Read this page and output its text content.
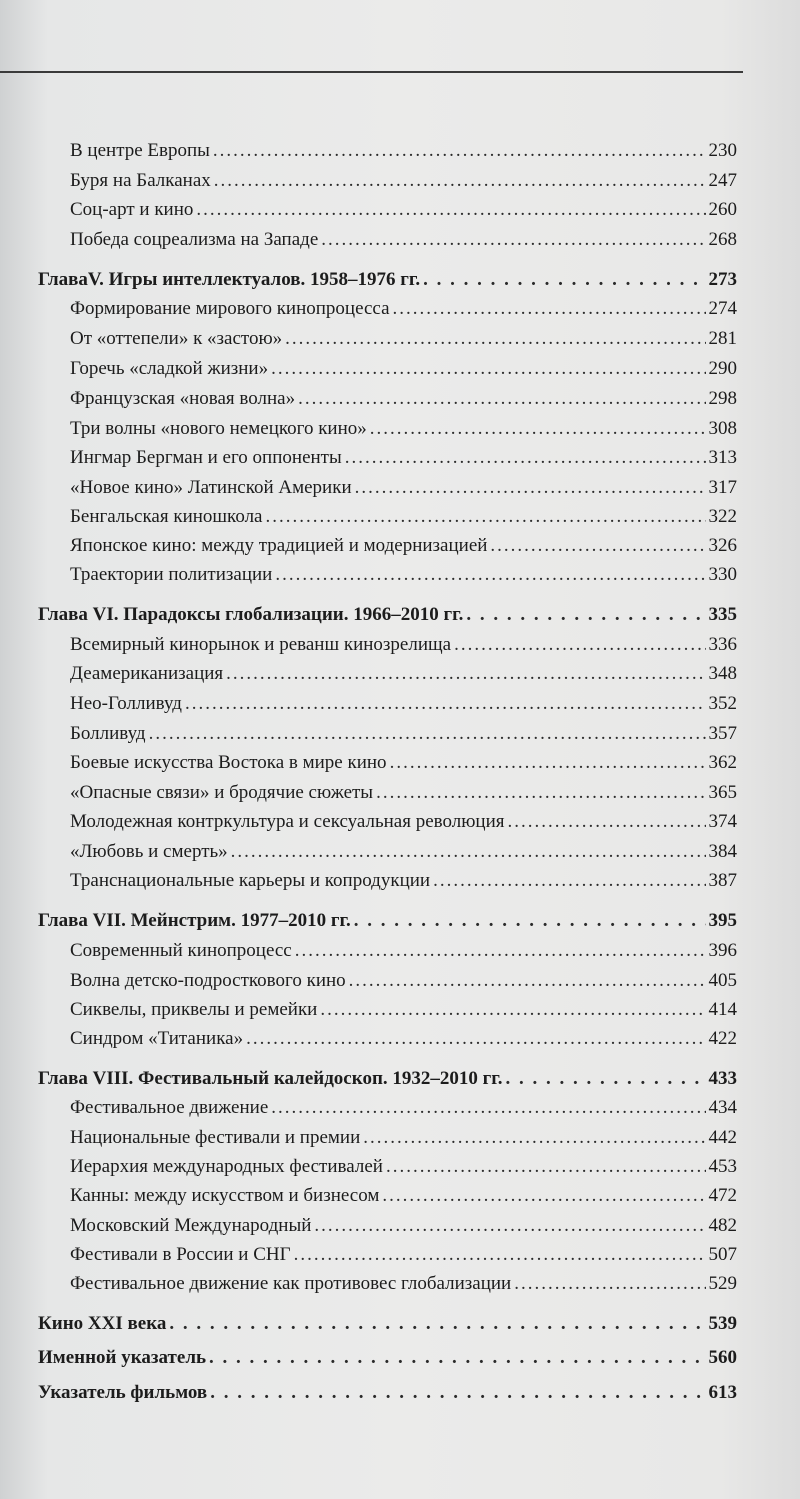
В центре Европы .....	230
Буря на Балканах .....	247
Соц-арт и кино .....	260
Победа соцреализма на Западе .....	268
ГлаваV. Игры интеллектуалов. 1958–1976 гг. . . .	273
Формирование мирового кинопроцесса .....	274
От «оттепели» к «застою» .....	281
Горечь «сладкой жизни» .....	290
Французская «новая волна» .....	298
Три волны «нового немецкого кино» .....	308
Ингмар Бергман и его оппоненты .....	313
«Новое кино» Латинской Америки .....	317
Бенгальская киношкола .....	322
Японское кино: между традицией и модернизацией .....	326
Траектории политизации .....	330
Глава VI. Парадоксы глобализации. 1966–2010 гг. . . .	335
Всемирный кинорынок и реванш кинозрелища .....	336
Деамериканизация .....	348
Нео-Голливуд .....	352
Болливуд .....	357
Боевые искусства Востока в мире кино .....	362
«Опасные связи» и бродячие сюжеты .....	365
Молодежная контркультура и сексуальная революция .....	374
«Любовь и смерть» .....	384
Транснациональные карьеры и копродукции .....	387
Глава VII. Мейнстрим. 1977–2010 гг. . . .	395
Современный кинопроцесс .....	396
Волна детско-подросткового кино .....	405
Сиквелы, приквелы и ремейки .....	414
Синдром «Титаника» .....	422
Глава VIII. Фестивальный калейдоскоп. 1932–2010 гг. . . .	433
Фестивальное движение .....	434
Национальные фестивали и премии .....	442
Иерархия международных фестивалей .....	453
Канны: между искусством и бизнесом .....	472
Московский Международный .....	482
Фестивали в России и СНГ .....	507
Фестивальное движение как противовес глобализации .....	529
Кино XXI века . . .	539
Именной указатель . . .	560
Указатель фильмов . . .	613
